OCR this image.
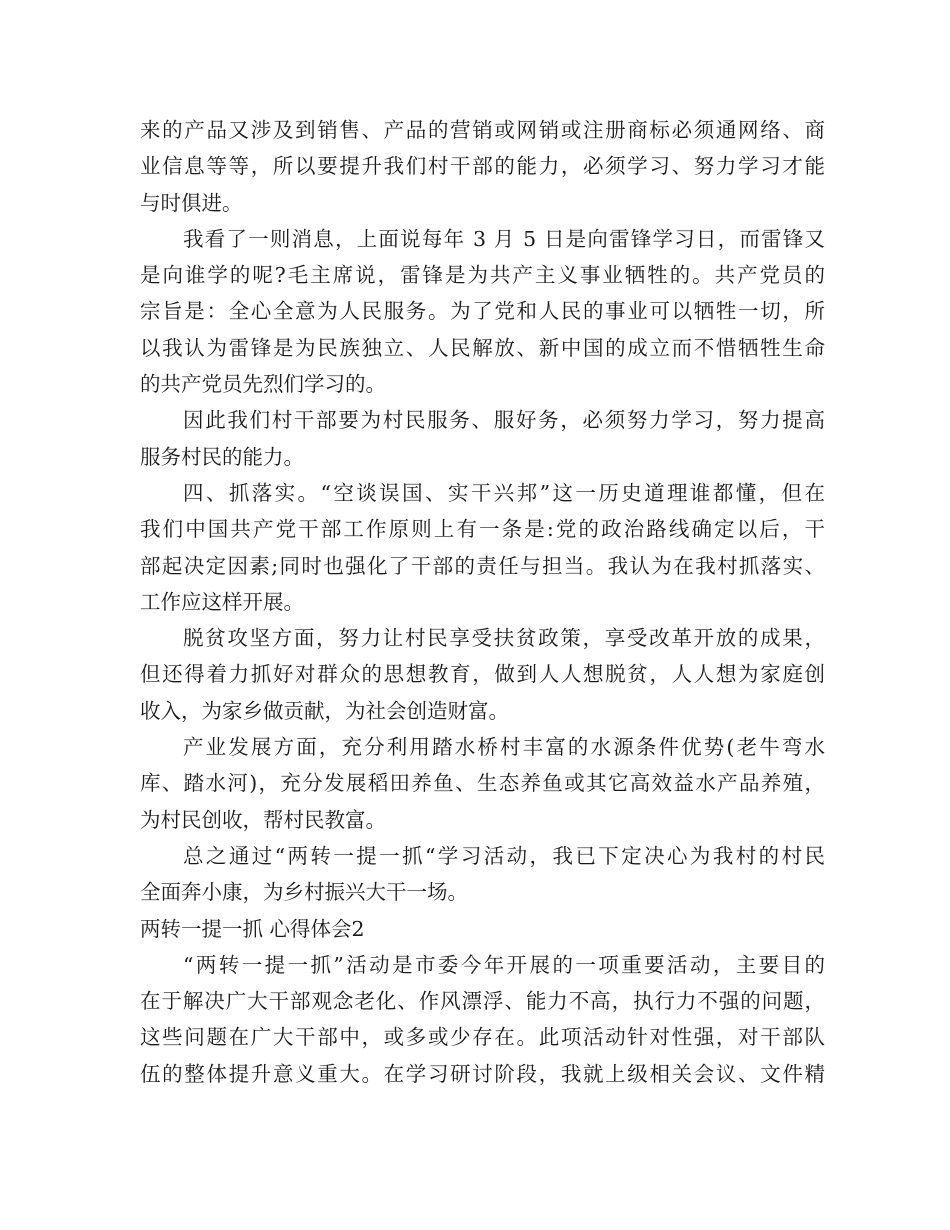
来的产品又涉及到销售、产品的营销或网销或注册商标必须通网络、商
业信息等等，所以要提升我们村干部的能力，必须学习、努力学习才能
与时俱进。
我看了一则消息，上面说每年 3 月 5 日是向雷锋学习日，而雷锋又
是向谁学的呢?毛主席说，雷锋是为共产主义事业牺牲的。共产党员的
宗旨是：全心全意为人民服务。为了党和人民的事业可以牺牲一切，所
以我认为雷锋是为民族独立、人民解放、新中国的成立而不惜牺牲生命
的共产党员先烈们学习的。
因此我们村干部要为村民服务、服好务，必须努力学习，努力提高
服务村民的能力。
四、抓落实。“空谈误国、实干兴邦”这一历史道理谁都懂，但在
我们中国共产党干部工作原则上有一条是:党的政治路线确定以后，干
部起决定因素;同时也强化了干部的责任与担当。我认为在我村抓落实、
工作应这样开展。
脱贫攻坚方面，努力让村民享受扶贫政策，享受改革开放的成果，
但还得着力抓好对群众的思想教育，做到人人想脱贫，人人想为家庭创
收入，为家乡做贡献，为社会创造财富。
产业发展方面，充分利用踏水桥村丰富的水源条件优势(老牛弯水
库、踏水河)，充分发展稻田养鱼、生态养鱼或其它高效益水产品养殖，
为村民创收，帮村民教富。
总之通过“两转一提一抓“学习活动，我已下定决心为我村的村民
全面奔小康，为乡村振兴大干一场。
两转一提一抓 心得体会2
“两转一提一抓”活动是市委今年开展的一项重要活动，主要目的
在于解决广大干部观念老化、作风漂浮、能力不高，执行力不强的问题，
这些问题在广大干部中，或多或少存在。此项活动针对性强，对干部队
伍的整体提升意义重大。在学习研讨阶段，我就上级相关会议、文件精
